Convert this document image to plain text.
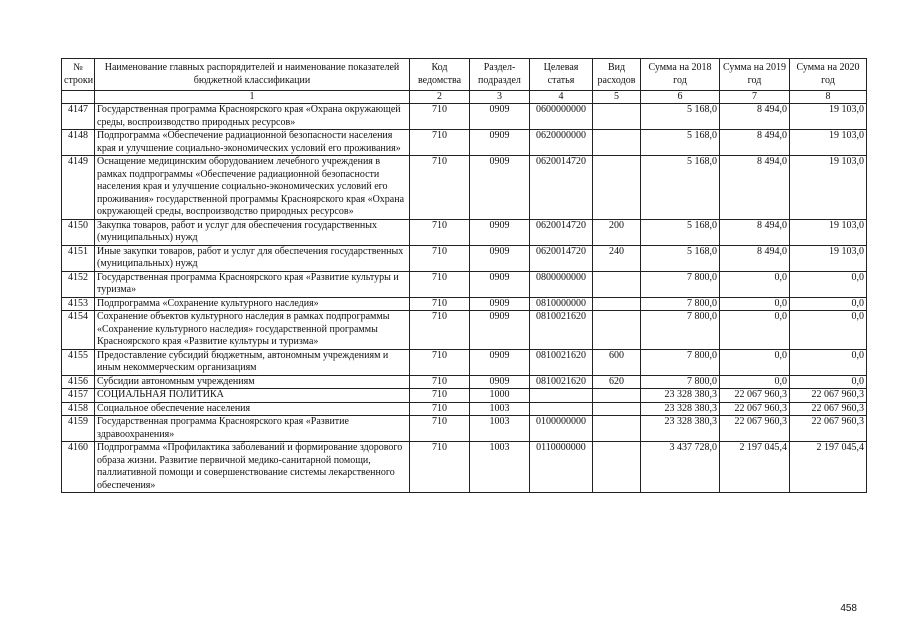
№ строки	Наименование главных распорядителей и наименование показателей бюджетной классификации	Код ведомства	Раздел-подраздел	Целевая статья	Вид расходов	Сумма на 2018 год	Сумма на 2019 год	Сумма на 2020 год
	1	2	3	4	5	6	7	8
4147	Государственная программа Красноярского края «Охрана окружающей среды, воспроизводство природных ресурсов»	710	0909	0600000000		5 168,0	8 494,0	19 103,0
4148	Подпрограмма «Обеспечение радиационной безопасности населения края и улучшение социально-экономических условий его проживания»	710	0909	0620000000		5 168,0	8 494,0	19 103,0
4149	Оснащение медицинским оборудованием лечебного учреждения в рамках подпрограммы «Обеспечение радиационной безопасности населения края и улучшение социально-экономических условий его проживания» государственной программы Красноярского края «Охрана окружающей среды, воспроизводство природных ресурсов»	710	0909	0620014720		5 168,0	8 494,0	19 103,0
4150	Закупка товаров, работ и услуг для обеспечения государственных (муниципальных) нужд	710	0909	0620014720	200	5 168,0	8 494,0	19 103,0
4151	Иные закупки товаров, работ и услуг для обеспечения государственных (муниципальных) нужд	710	0909	0620014720	240	5 168,0	8 494,0	19 103,0
4152	Государственная программа Красноярского края «Развитие культуры и туризма»	710	0909	0800000000		7 800,0	0,0	0,0
4153	Подпрограмма «Сохранение культурного наследия»	710	0909	0810000000		7 800,0	0,0	0,0
4154	Сохранение объектов культурного наследия в рамках подпрограммы «Сохранение культурного наследия» государственной программы Красноярского края «Развитие культуры и туризма»	710	0909	0810021620		7 800,0	0,0	0,0
4155	Предоставление субсидий бюджетным, автономным учреждениям и иным некоммерческим организациям	710	0909	0810021620	600	7 800,0	0,0	0,0
4156	Субсидии автономным учреждениям	710	0909	0810021620	620	7 800,0	0,0	0,0
4157	СОЦИАЛЬНАЯ ПОЛИТИКА	710	1000			23 328 380,3	22 067 960,3	22 067 960,3
4158	Социальное обеспечение населения	710	1003			23 328 380,3	22 067 960,3	22 067 960,3
4159	Государственная программа Красноярского края «Развитие здравоохранения»	710	1003	0100000000		23 328 380,3	22 067 960,3	22 067 960,3
4160	Подпрограмма «Профилактика заболеваний и формирование здорового образа жизни. Развитие первичной медико-санитарной помощи, паллиативной помощи и совершенствование системы лекарственного обеспечения»	710	1003	0110000000		3 437 728,0	2 197 045,4	2 197 045,4
458
